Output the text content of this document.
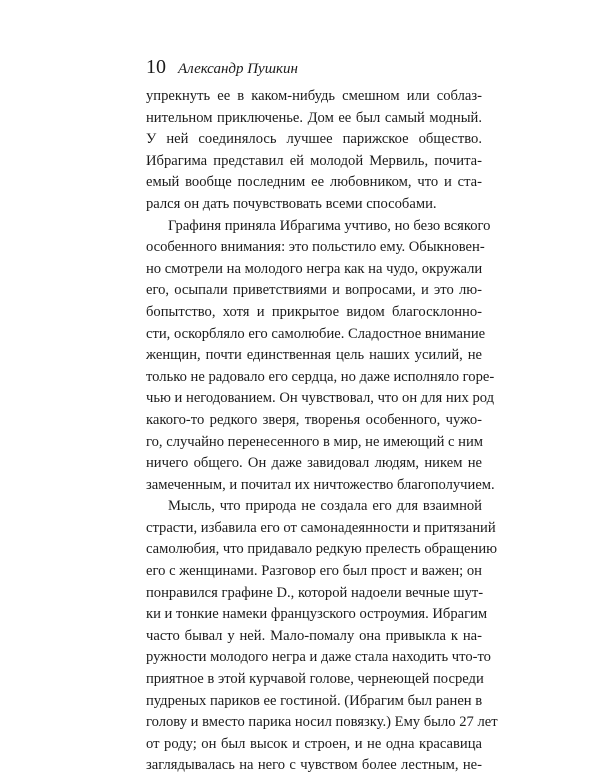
10 Александр Пушкин
упрекнуть ее в каком-нибудь смешном или соблаз-
нительном приключенье. Дом ее был самый модный.
У ней соединялось лучшее парижское общество.
Ибрагима представил ей молодой Мервиль, почита-
емый вообще последним ее любовником, что и ста-
рался он дать почувствовать всеми способами.
Графиня приняла Ибрагима учтиво, но безо всякого
особенного внимания: это польстило ему. Обыкновен-
но смотрели на молодого негра как на чудо, окружали
его, осыпали приветствиями и вопросами, и это лю-
бопытство, хотя и прикрытое видом благосклонно-
сти, оскорбляло его самолюбие. Сладостное внимание
женщин, почти единственная цель наших усилий, не
только не радовало его сердца, но даже исполняло горе-
чью и негодованием. Он чувствовал, что он для них род
какого-то редкого зверя, творенья особенного, чужо-
го, случайно перенесенного в мир, не имеющий с ним
ничего общего. Он даже завидовал людям, никем не
замеченным, и почитал их ничтожество благополучием.
Мысль, что природа не создала его для взаимной
страсти, избавила его от самонадеянности и притязаний
самолюбия, что придавало редкую прелесть обращению
его с женщинами. Разговор его был прост и важен; он
понравился графине D., которой надоели вечные шут-
ки и тонкие намеки французского остроумия. Ибрагим
часто бывал у ней. Мало-помалу она привыкла к на-
ружности молодого негра и даже стала находить что-то
приятное в этой курчавой голове, чернеющей посреди
пудреных париков ее гостиной. (Ибрагим был ранен в
голову и вместо парика носил повязку.) Ему было 27 лет
от роду; он был высок и строен, и не одна красавица
заглядывалась на него с чувством более лестным, не-
